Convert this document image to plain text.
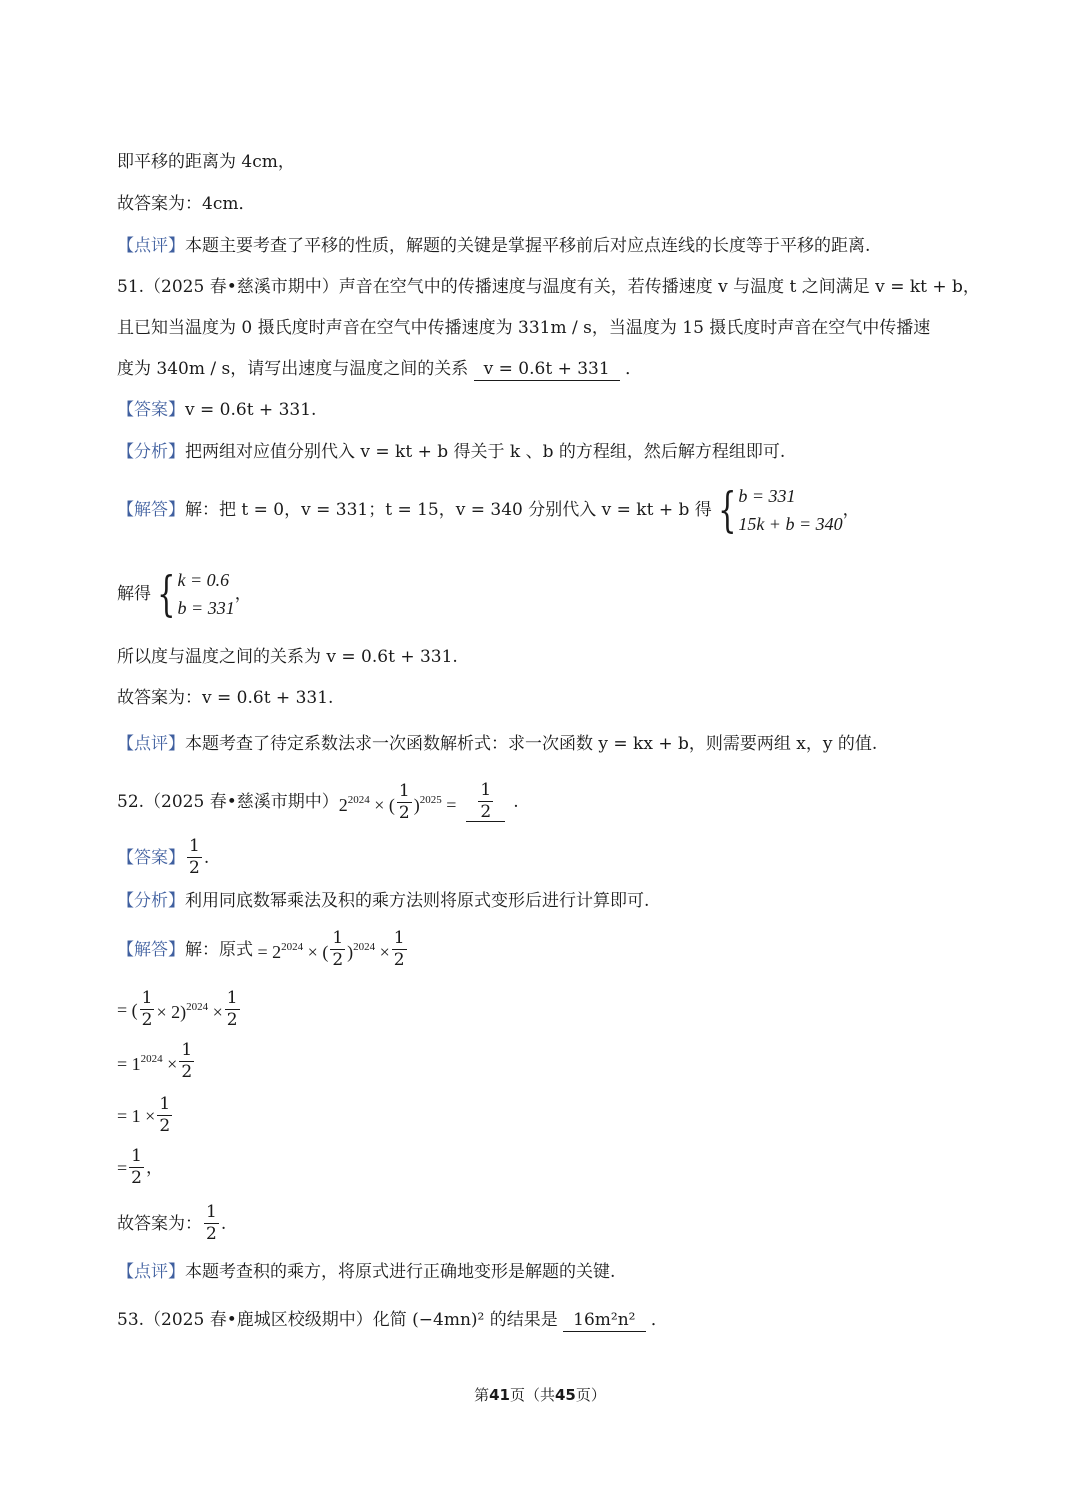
即平移的距离为 4cm，
故答案为：4cm．
【点评】本题主要考查了平移的性质，解题的关键是掌握平移前后对应点连线的长度等于平移的距离.
51.（2025 春•慈溪市期中）声音在空气中的传播速度与温度有关，若传播速度 v 与温度 t 之间满足 v = kt + b，
且已知当温度为 0 摄氏度时声音在空气中传播速度为 331m / s，当温度为 15 摄氏度时声音在空气中传播速
度为 340m / s，请写出速度与温度之间的关系 v = 0.6t + 331 ．
【答案】v = 0.6t + 331.
【分析】把两组对应值分别代入 v = kt + b 得关于 k 、b 的方程组，然后解方程组即可.
【解答】 解：把 t = 0，v = 331；t = 15，v = 340 分别代入 v = kt + b 得 { b = 331
15k + b = 340
，
解得 { k = 0.6
b = 331
，
所以度与温度之间的关系为 v = 0.6t + 331.
故答案为：v = 0.6t + 331.
【点评】本题考查了待定系数法求一次函数解析式：求一次函数 y = kx + b，则需要两组 x，y 的值.
52.（2025 春•慈溪市期中） $2^{2024}$ × ( $\frac{1}{2} )^{2025} = \frac{1}{2}$ .
【答案】 $\frac{1}{2}$ .
【分析】利用同底数幂乘法及积的乘方法则将原式变形后进行计算即可.
【解答】 解：原式 = $2^{2024}$ × ( $\frac{1}{2} )^{2024} \times \frac{1}{2}$
= ( $\frac{1}{2} \times 2)^{2024} \times \frac{1}{2}$
= $1^{2024} \times \frac{1}{2}$
= $1 \times \frac{1}{2}$
= $\frac{1}{2}$ ，
故答案为： $\frac{1}{2}$ .
【点评】本题考查积的乘方，将原式进行正确地变形是解题的关键.
53.（2025 春•鹿城区校级期中）化简 (−4mn)² 的结果是 16m²n² ．
第41页（共45页）
